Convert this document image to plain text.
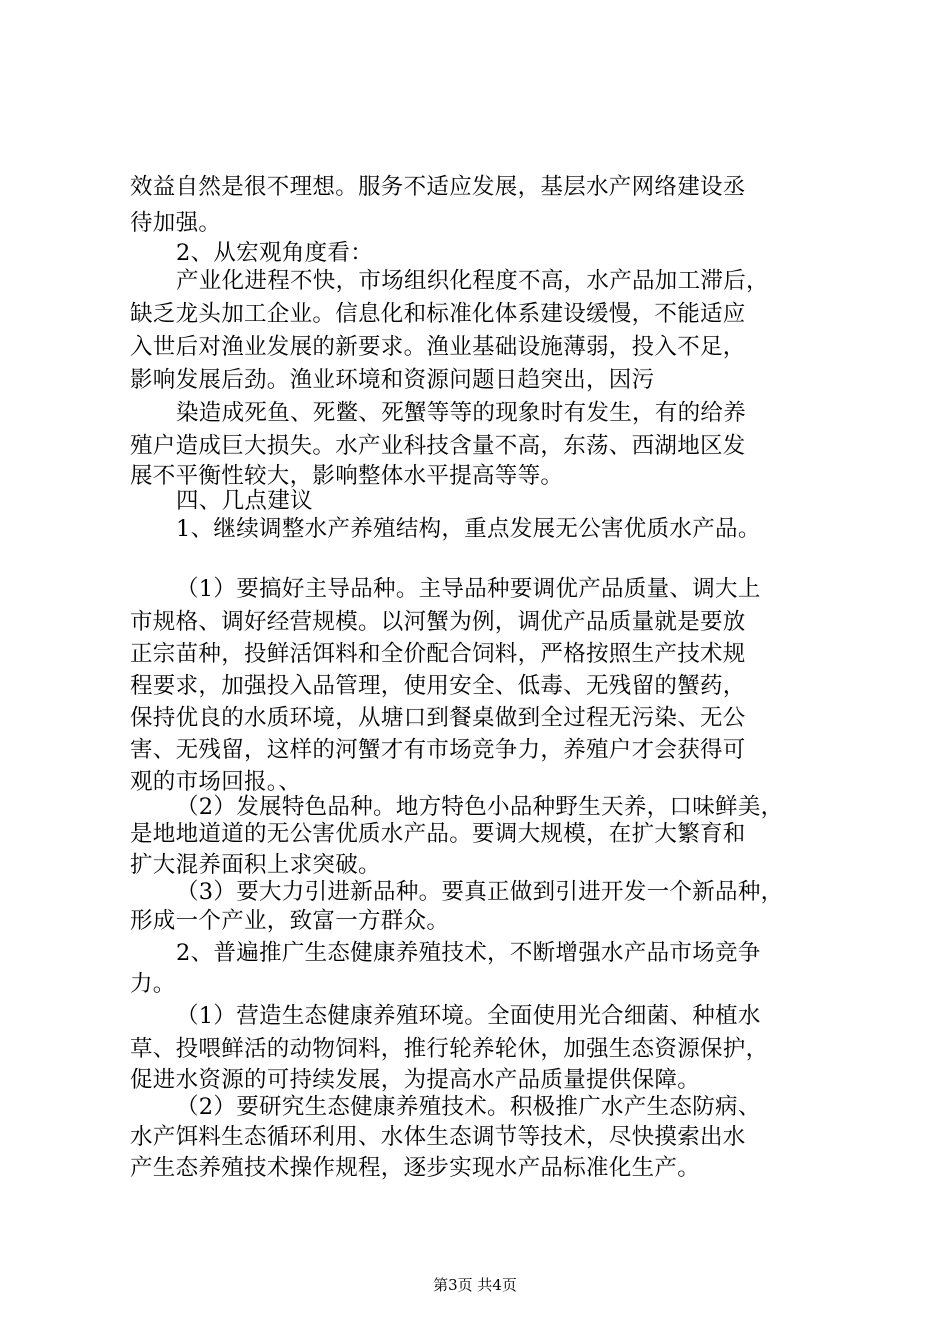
效益自然是很不理想。服务不适应发展，基层水产网络建设丞
待加强。
2、从宏观角度看：
产业化进程不快，市场组织化程度不高，水产品加工滞后，
缺乏龙头加工企业。信息化和标准化体系建设缓慢，不能适应
入世后对渔业发展的新要求。渔业基础设施薄弱，投入不足，
影响发展后劲。渔业环境和资源问题日趋突出，因污
染造成死鱼、死鳖、死蟹等等的现象时有发生，有的给养
殖户造成巨大损失。水产业科技含量不高，东荡、西湖地区发
展不平衡性较大，影响整体水平提高等等。
四、几点建议
1、继续调整水产养殖结构，重点发展无公害优质水产品。
（1）要搞好主导品种。主导品种要调优产品质量、调大上
市规格、调好经营规模。以河蟹为例，调优产品质量就是要放
正宗苗种，投鲜活饵料和全价配合饲料，严格按照生产技术规
程要求，加强投入品管理，使用安全、低毒、无残留的蟹药，
保持优良的水质环境，从塘口到餐桌做到全过程无污染、无公
害、无残留，这样的河蟹才有市场竞争力，养殖户才会获得可
观的市场回报。、
（2）发展特色品种。地方特色小品种野生天养，口味鲜美，
是地地道道的无公害优质水产品。要调大规模，在扩大繁育和
扩大混养面积上求突破。
（3）要大力引进新品种。要真正做到引进开发一个新品种，
形成一个产业，致富一方群众。
2、普遍推广生态健康养殖技术，不断增强水产品市场竞争
力。
（1）营造生态健康养殖环境。全面使用光合细菌、种植水
草、投喂鲜活的动物饲料，推行轮养轮休，加强生态资源保护，
促进水资源的可持续发展，为提高水产品质量提供保障。
（2）要研究生态健康养殖技术。积极推广水产生态防病、
水产饵料生态循环利用、水体生态调节等技术，尽快摸索出水
产生态养殖技术操作规程，逐步实现水产品标准化生产。
第3页 共4页
